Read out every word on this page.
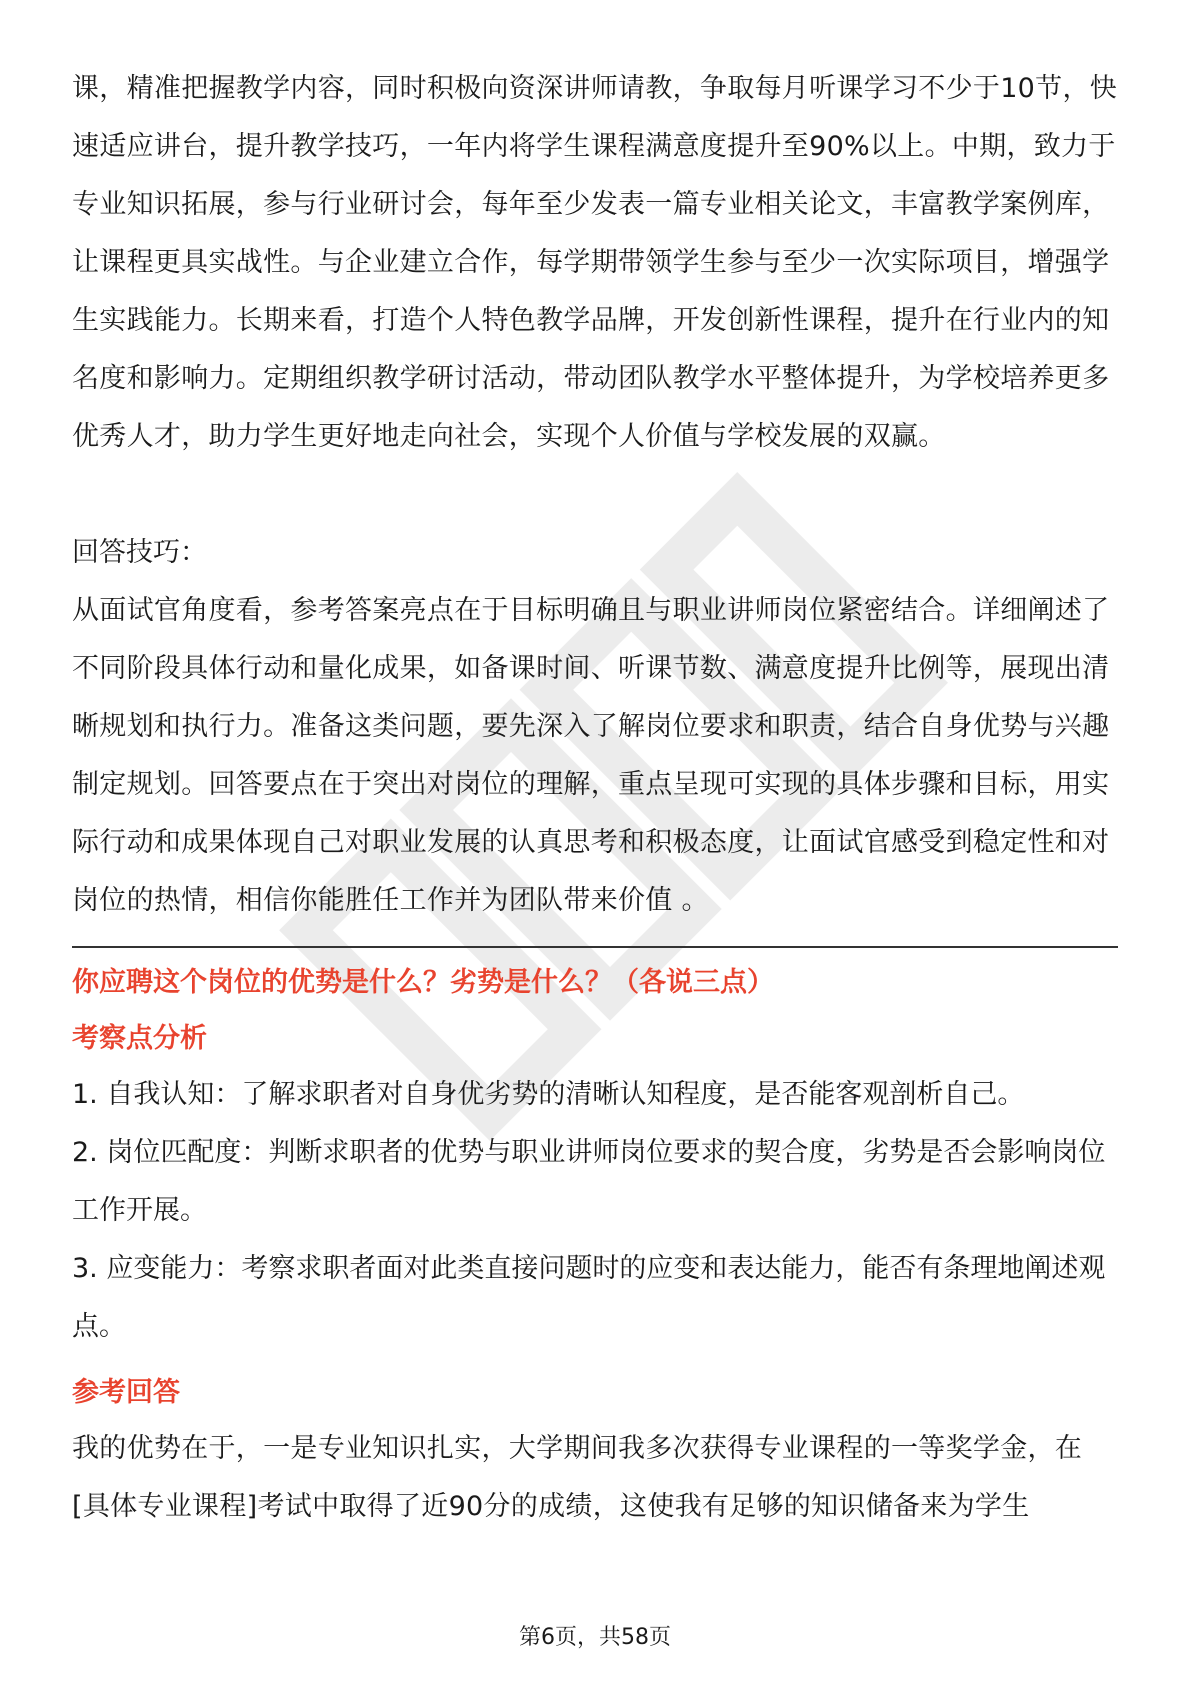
课，精准把握教学内容，同时积极向资深讲师请教，争取每月听课学习不少于10节，快速适应讲台，提升教学技巧，一年内将学生课程满意度提升至90%以上。中期，致力于专业知识拓展，参与行业研讨会，每年至少发表一篇专业相关论文，丰富教学案例库，让课程更具实战性。与企业建立合作，每学期带领学生参与至少一次实际项目，增强学生实践能力。长期来看，打造个人特色教学品牌，开发创新性课程，提升在行业内的知名度和影响力。定期组织教学研讨活动，带动团队教学水平整体提升，为学校培养更多优秀人才，助力学生更好地走向社会，实现个人价值与学校发展的双赢。

回答技巧：

从面试官角度看，参考答案亮点在于目标明确且与职业讲师岗位紧密结合。详细阐述了不同阶段具体行动和量化成果，如备课时间、听课节数、满意度提升比例等，展现出清晰规划和执行力。准备这类问题，要先深入了解岗位要求和职责，结合自身优势与兴趣制定规划。回答要点在于突出对岗位的理解，重点呈现可实现的具体步骤和目标，用实际行动和成果体现自己对职业发展的认真思考和积极态度，让面试官感受到稳定性和对岗位的热情，相信你能胜任工作并为团队带来价值 。

你应聘这个岗位的优势是什么？劣势是什么？（各说三点）

考察点分析

1. 自我认知：了解求职者对自身优劣势的清晰认知程度，是否能客观剖析自己。

2. 岗位匹配度：判断求职者的优势与职业讲师岗位要求的契合度，劣势是否会影响岗位工作开展。

3. 应变能力：考察求职者面对此类直接问题时的应变和表达能力，能否有条理地阐述观点。

参考回答

我的优势在于，一是专业知识扎实，大学期间我多次获得专业课程的一等奖学金，在[具体专业课程]考试中取得了近90分的成绩，这使我有足够的知识储备来为学生

第6页，共58页
